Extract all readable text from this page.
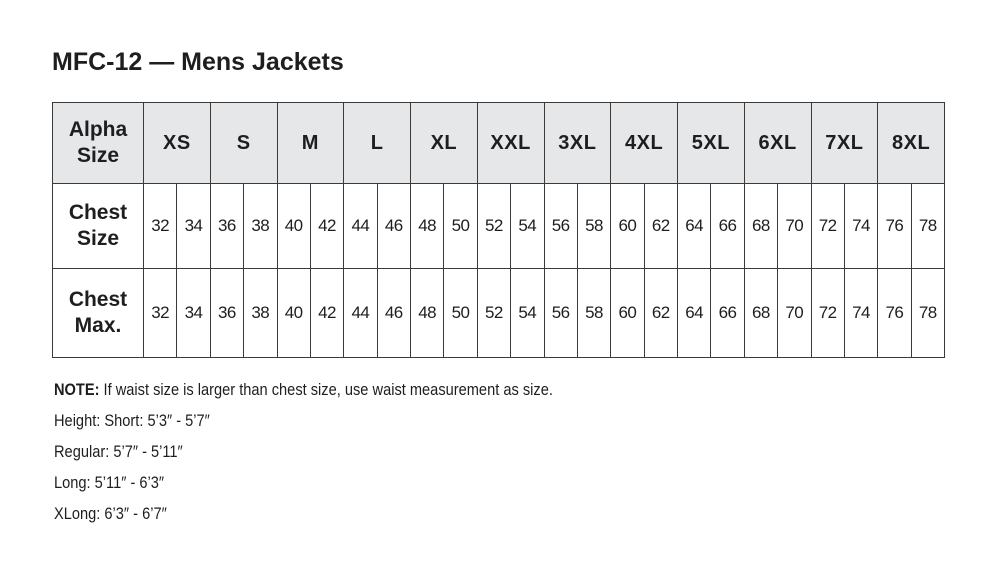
MFC-12 — Mens Jackets
Alpha
Size	XS		S		M		L		XL		XXL		3XL		4XL		5XL		6XL		7XL		8XL	
Chest
Size	32	34	36	38	40	42	44	46	48	50	52	54	56	58	60	62	64	66	68	70	72	74	76	78
Chest
Max.	32	34	36	38	40	42	44	46	48	50	52	54	56	58	60	62	64	66	68	70	72	74	76	78
NOTE: If waist size is larger than chest size, use waist measurement as size.
Height: Short: 5’3″ - 5’7″
Regular: 5’7″ - 5’11″
Long: 5’11″ - 6’3″
XLong: 6’3″ - 6’7″
